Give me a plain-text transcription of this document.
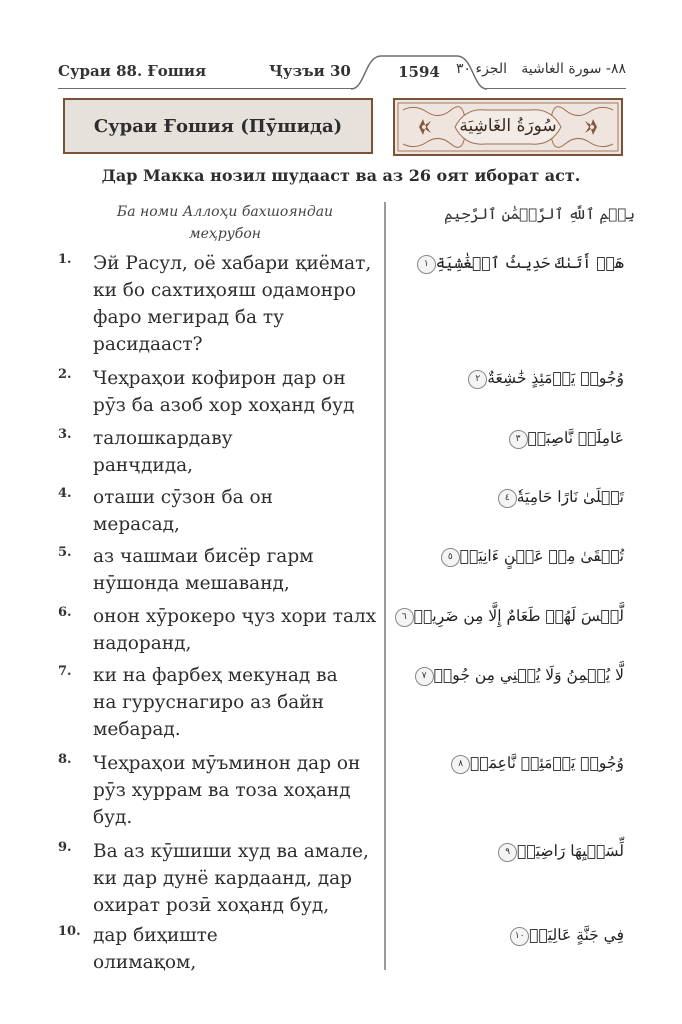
Сураи 88. Ғошия	Ҷузъи 30	1594	الجزء ٣٠ ٨٨- سورة الغاشية
Сураи Ғошия (Пӯшида)	سُورَةُ الغَاشِيَة
Дар Макка нозил шудааст ва аз 26 оят иборат аст.
Ба номи Аллоҳи бахшояндаи
меҳрубон
بِسۡمِ ٱللَّهِ ٱلرَّحۡمَٰنِ ٱلرَّحِيمِ
1. Эй Расул, оё хабари қиёмат,
ки бо сахтиҳояш одамонро
фаро мегирад ба ту
расидааст?
هَلۡ أَتَىٰكَ حَدِيثُ ٱلۡغَٰشِيَةِ١
2. Чеҳраҳои кофирон дар он
рӯз ба азоб хор хоҳанд буд
وُجُوهٞ يَوۡمَئِذٍ خَٰشِعَةٌ٢
3. талошкардаву
ранҷдида,
عَامِلَةٞ نَّاصِبَةٞ٣
4. оташи сӯзон ба он
мерасад,
تَصۡلَىٰ نَارًا حَامِيَةٗ٤
5. аз чашмаи бисёр гарм
нӯшонда мешаванд,
تُسۡقَىٰ مِنۡ عَيۡنٍ ءَانِيَةٖ٥
6. онон хӯрокеро ҷуз хори талх
надоранд,
لَّيۡسَ لَهُمۡ طَعَامٌ إِلَّا مِن ضَرِيعٖ٦
7. ки на фарбеҳ мекунад ва
на гуруснагиро аз байн
мебарад.
لَّا يُسۡمِنُ وَلَا يُغۡنِي مِن جُوعٖ٧
8. Чеҳраҳои мӯъминон дар он
рӯз хуррам ва тоза хоҳанд
буд.
وُجُوهٞ يَوۡمَئِذٖ نَّاعِمَةٞ٨
9. Ва аз кӯшиши худ ва амале,
ки дар дунё кардаанд, дар
охират розӣ хоҳанд буд,
لِّسَعۡيِهَا رَاضِيَةٞ٩
10. дар биҳиште
олимақом,
فِي جَنَّةٍ عَالِيَةٖ١٠
